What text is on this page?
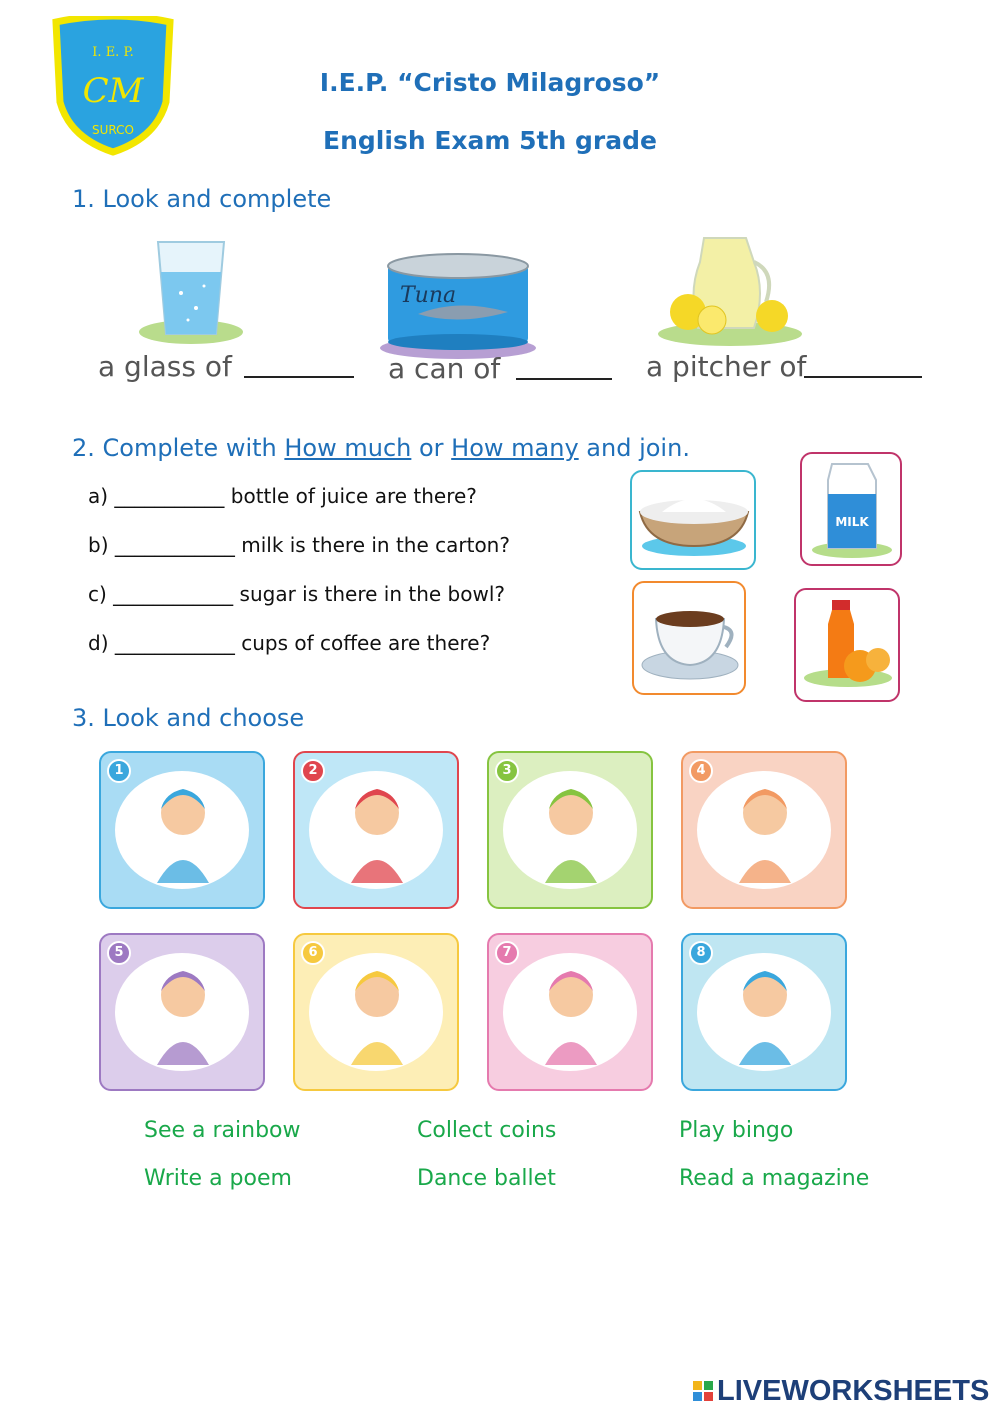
I. E. P.
CM
SURCO
I.E.P. “Cristo Milagroso”
English Exam 5th grade
1. Look and complete
a glass of
Tuna
a can of	a pitcher of
2. Complete with How much or How many and join.
a) ___________ bottle of juice are there?
b) ____________ milk is there in the carton?
c) ____________ sugar is there in the bowl?
d) ____________ cups of coffee are there?
MILK
3. Look and choose
1	2	3	4
5	6	7	8
See a rainbow	Collect coins	Play bingo
Write a poem	Dance ballet	Read a magazine
LIVEWORKSHEETS
